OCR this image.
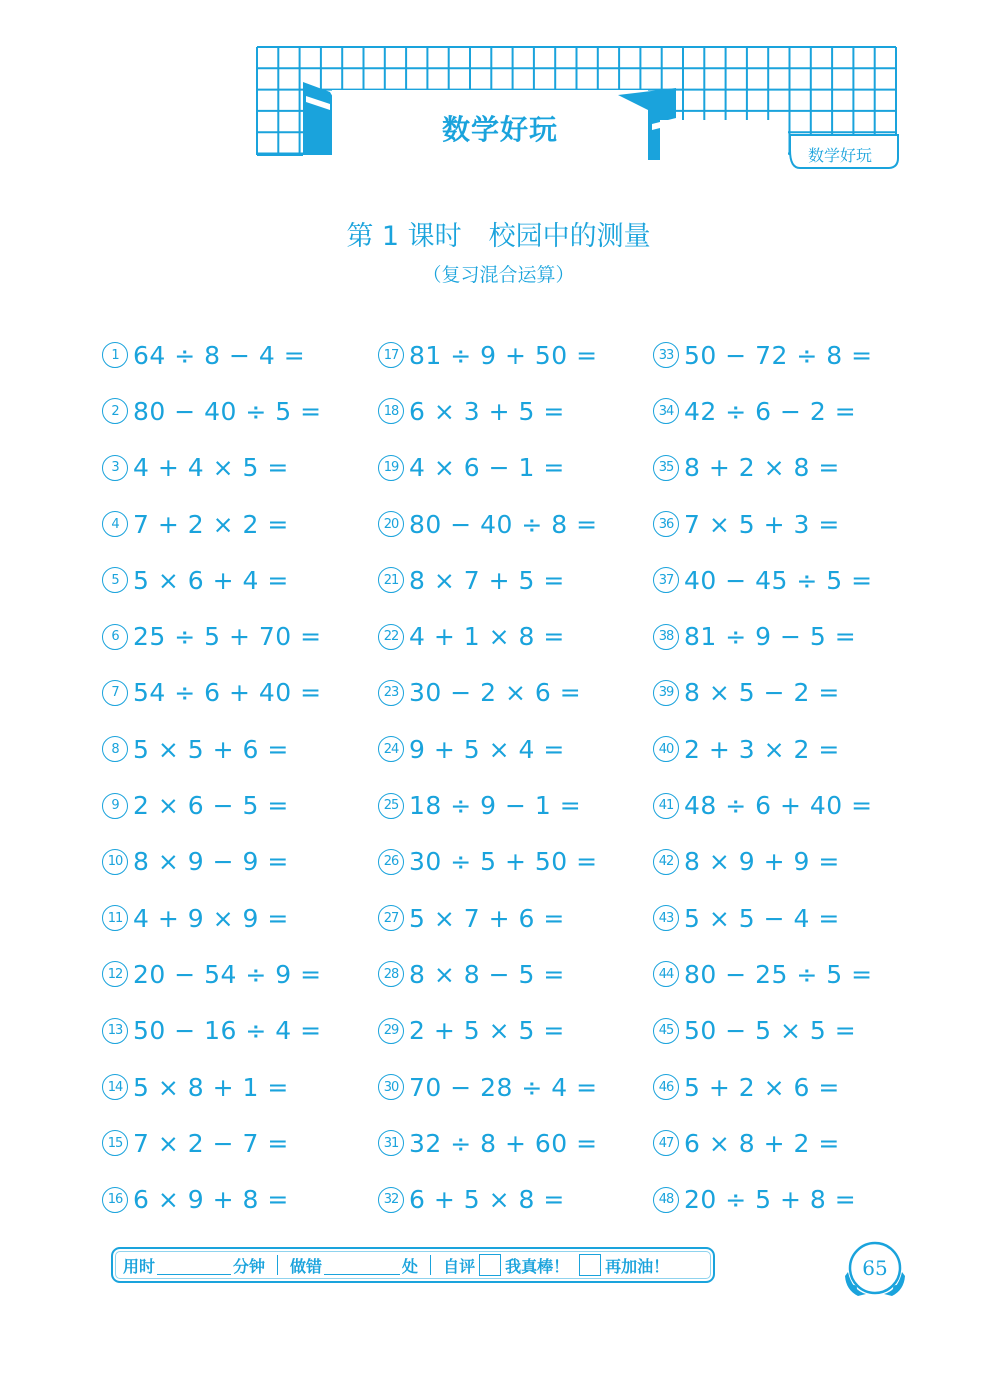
数学好玩
数学好玩
第 1 课时　校园中的测量
（复习混合运算）
1 64 ÷ 8 − 4 =
2 80 − 40 ÷ 5 =
3 4 + 4 × 5 =
4 7 + 2 × 2 =
5 5 × 6 + 4 =
6 25 ÷ 5 + 70 =
7 54 ÷ 6 + 40 =
8 5 × 5 + 6 =
9 2 × 6 − 5 =
10 8 × 9 − 9 =
11 4 + 9 × 9 =
12 20 − 54 ÷ 9 =
13 50 − 16 ÷ 4 =
14 5 × 8 + 1 =
15 7 × 2 − 7 =
16 6 × 9 + 8 =
17 81 ÷ 9 + 50 =
18 6 × 3 + 5 =
19 4 × 6 − 1 =
20 80 − 40 ÷ 8 =
21 8 × 7 + 5 =
22 4 + 1 × 8 =
23 30 − 2 × 6 =
24 9 + 5 × 4 =
25 18 ÷ 9 − 1 =
26 30 ÷ 5 + 50 =
27 5 × 7 + 6 =
28 8 × 8 − 5 =
29 2 + 5 × 5 =
30 70 − 28 ÷ 4 =
31 32 ÷ 8 + 60 =
32 6 + 5 × 8 =
33 50 − 72 ÷ 8 =
34 42 ÷ 6 − 2 =
35 8 + 2 × 8 =
36 7 × 5 + 3 =
37 40 − 45 ÷ 5 =
38 81 ÷ 9 − 5 =
39 8 × 5 − 2 =
40 2 + 3 × 2 =
41 48 ÷ 6 + 40 =
42 8 × 9 + 9 =
43 5 × 5 − 4 =
44 80 − 25 ÷ 5 =
45 50 − 5 × 5 =
46 5 + 2 × 6 =
47 6 × 8 + 2 =
48 20 ÷ 5 + 8 =
用时	分钟 做错	处 自评 我真棒！ 再加油！	65
